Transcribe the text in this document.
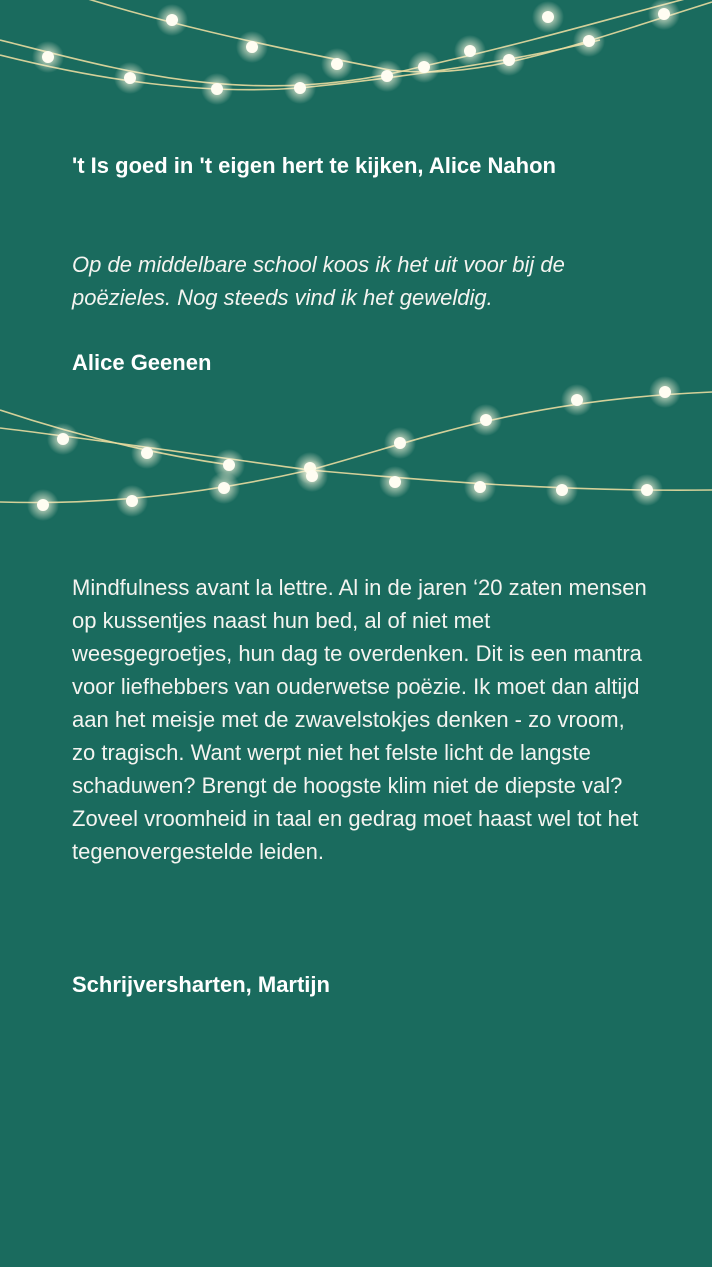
't Is goed in 't eigen hert te kijken, Alice Nahon

Op de middelbare school koos ik het uit voor bij de poëzieles. Nog steeds vind ik het geweldig.

Alice Geenen

Mindfulness avant la lettre. Al in de jaren ‘20 zaten mensen op kussentjes naast hun bed, al of niet met weesgegroetjes, hun dag te overdenken. Dit is een mantra voor liefhebbers van ouderwetse poëzie. Ik moet dan altijd aan het meisje met de zwavelstokjes denken - zo vroom, zo tragisch. Want werpt niet het felste licht de langste schaduwen? Brengt de hoogste klim niet de diepste val? Zoveel vroomheid in taal en gedrag moet haast wel tot het tegenovergestelde leiden.

Schrijversharten, Martijn
